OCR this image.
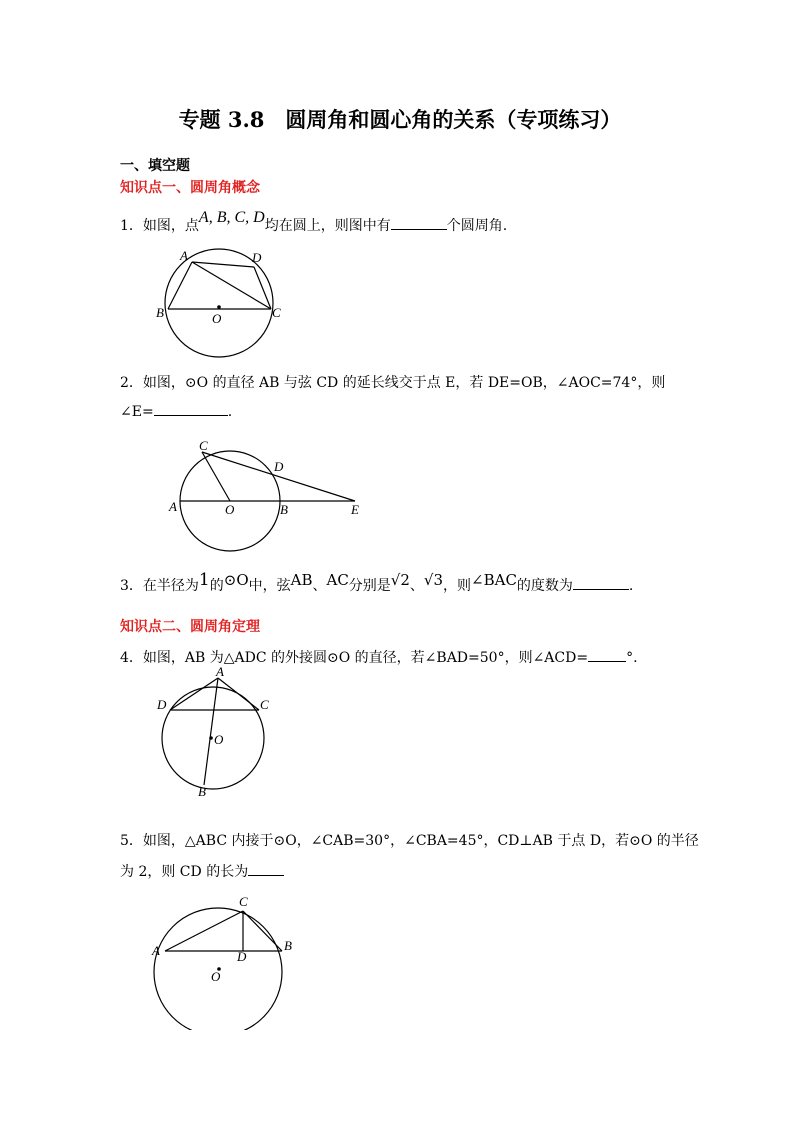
专题 3.8　圆周角和圆心角的关系（专项练习）
一、填空题
知识点一、圆周角概念
1．如图，点A, B, C, D均在圆上，则图中有	个圆周角.
A	D
B	C
O
2．如图，⊙O 的直径 AB 与弦 CD 的延长线交于点 E，若 DE=OB，∠AOC=74°，则
∠E=	.
C
D
A	O	B	E
3．在半径为1的⊙O中，弦AB、AC分别是√2、√3，则∠BAC的度数为	.
知识点二、圆周角定理
4．如图，AB 为△ADC 的外接圆⊙O 的直径，若∠BAD=50°，则∠ACD=	°.
A
D	C
O
B
5．如图，△ABC 内接于⊙O，∠CAB=30°，∠CBA=45°，CD⊥AB 于点 D，若⊙O 的半径
为 2，则 CD 的长为
C
A	B
D
O
